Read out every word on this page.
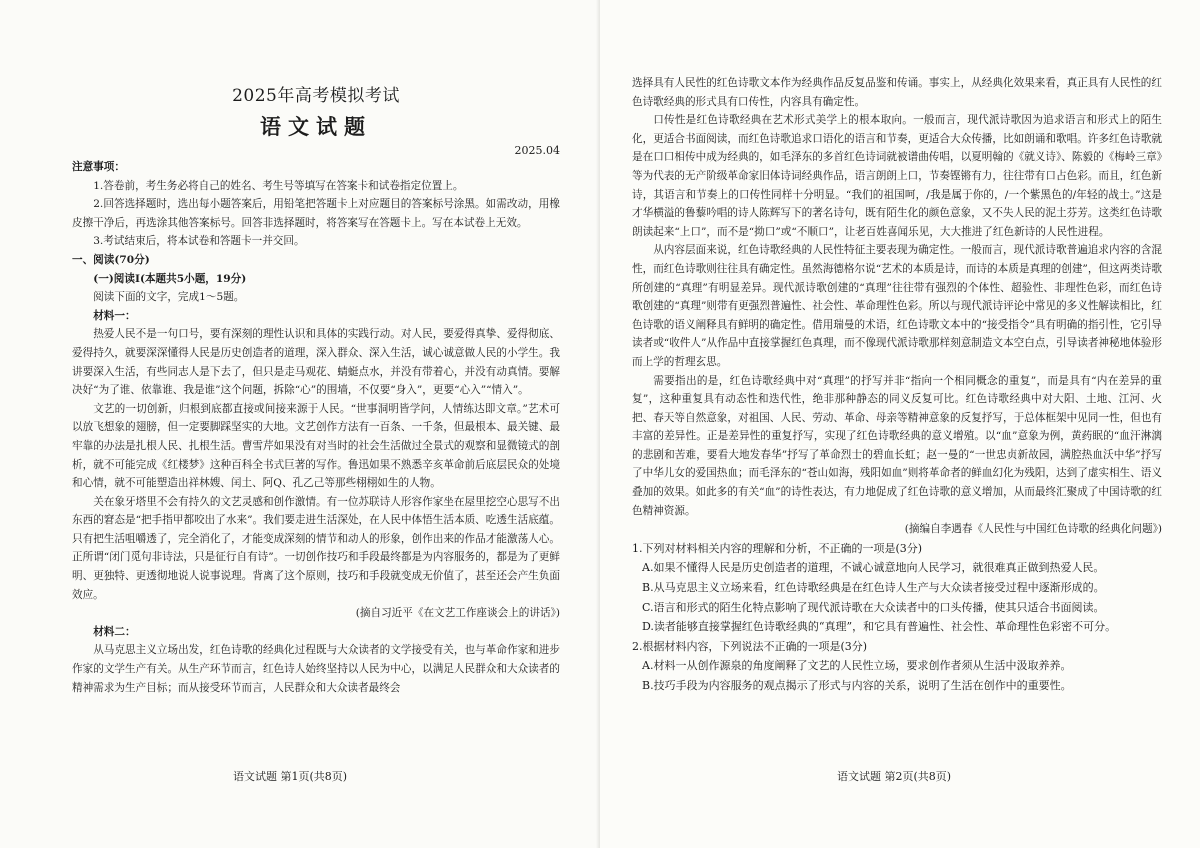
2025年高考模拟考试

语文试题

2025.04

注意事项：

1.答卷前，考生务必将自己的姓名、考生号等填写在答案卡和试卷指定位置上。

2.回答选择题时，选出每小题答案后，用铅笔把答题卡上对应题目的答案标号涂黑。如需改动，用橡皮擦干净后，再选涂其他答案标号。回答非选择题时，将答案写在答题卡上。写在本试卷上无效。

3.考试结束后，将本试卷和答题卡一并交回。

一、阅读(70分)

(一)阅读Ⅰ(本题共5小题，19分)

阅读下面的文字，完成1～5题。

材料一：

热爱人民不是一句口号，要有深刻的理性认识和具体的实践行动。对人民，要爱得真挚、爱得彻底、爱得持久，就要深深懂得人民是历史创造者的道理，深入群众、深入生活，诚心诚意做人民的小学生。我讲要深入生活，有些同志人是下去了，但只是走马观花、蜻蜓点水，并没有带着心，并没有动真情。要解决好“为了谁、依靠谁、我是谁”这个问题，拆除“心”的围墙，不仅要“身入”，更要“心入”“情入”。

文艺的一切创新，归根到底都直接或间接来源于人民。“世事洞明皆学问，人情练达即文章。”艺术可以放飞想象的翅膀，但一定要脚踩坚实的大地。文艺创作方法有一百条、一千条，但最根本、最关键、最牢靠的办法是扎根人民、扎根生活。曹雪芹如果没有对当时的社会生活做过全景式的观察和显微镜式的剖析，就不可能完成《红楼梦》这种百科全书式巨著的写作。鲁迅如果不熟悉辛亥革命前后底层民众的处境和心情，就不可能塑造出祥林嫂、闰土、阿Q、孔乙己等那些栩栩如生的人物。

关在象牙塔里不会有持久的文艺灵感和创作激情。有一位苏联诗人形容作家坐在屋里挖空心思写不出东西的窘态是“把手指甲都咬出了水来”。我们要走进生活深处，在人民中体悟生活本质、吃透生活底蕴。只有把生活咀嚼透了，完全消化了，才能变成深刻的情节和动人的形象，创作出来的作品才能激荡人心。正所谓“闭门觅句非诗法，只是征行自有诗”。一切创作技巧和手段最终都是为内容服务的，都是为了更鲜明、更独特、更透彻地说人说事说理。背离了这个原则，技巧和手段就变成无价值了，甚至还会产生负面效应。

(摘自习近平《在文艺工作座谈会上的讲话》)

材料二：

从马克思主义立场出发，红色诗歌的经典化过程既与大众读者的文学接受有关，也与革命作家和进步作家的文学生产有关。从生产环节而言，红色诗人始终坚持以人民为中心，以满足人民群众和大众读者的精神需求为生产目标；而从接受环节而言，人民群众和大众读者最终会

语文试题 第1页(共8页)

选择具有人民性的红色诗歌文本作为经典作品反复品鉴和传诵。事实上，从经典化效果来看，真正具有人民性的红色诗歌经典的形式具有口传性，内容具有确定性。

口传性是红色诗歌经典在艺术形式美学上的根本取向。一般而言，现代派诗歌因为追求语言和形式上的陌生化，更适合书面阅读，而红色诗歌追求口语化的语言和节奏，更适合大众传播，比如朗诵和歌唱。许多红色诗歌就是在口口相传中成为经典的，如毛泽东的多首红色诗词就被谱曲传唱，以夏明翰的《就义诗》、陈毅的《梅岭三章》等为代表的无产阶级革命家旧体诗词经典作品，语言朗朗上口，节奏铿锵有力，往往带有口占色彩。而且，红色新诗，其语言和节奏上的口传性同样十分明显。“我们的祖国呵，/我是属于你的，/一个紫黑色的/年轻的战士。”这是才华横溢的鲁藜吟唱的诗人陈辉写下的著名诗句，既有陌生化的颜色意象，又不失人民的泥土芬芳。这类红色诗歌朗读起来“上口”，而不是“拗口”或“不顺口”，让老百姓喜闻乐见，大大推进了红色新诗的人民性进程。

从内容层面来说，红色诗歌经典的人民性特征主要表现为确定性。一般而言，现代派诗歌普遍追求内容的含混性，而红色诗歌则往往具有确定性。虽然海德格尔说“艺术的本质是诗，而诗的本质是真理的创建”，但这两类诗歌所创建的“真理”有明显差异。现代派诗歌创建的“真理”往往带有强烈的个体性、超验性、非理性色彩，而红色诗歌创建的“真理”则带有更强烈普遍性、社会性、革命理性色彩。所以与现代派诗评论中常见的多义性解读相比，红色诗歌的语义阐释具有鲜明的确定性。借用瑞曼的术语，红色诗歌文本中的“接受指令”具有明确的指引性，它引导读者或“收件人”从作品中直接掌握红色真理，而不像现代派诗歌那样刻意制造文本空白点，引导读者神秘地体验形而上学的哲理玄思。

需要指出的是，红色诗歌经典中对“真理”的抒写并非“指向一个相同概念的重复”，而是具有“内在差异的重复”，这种重复具有动态性和迭代性，绝非那种静态的同义反复可比。红色诗歌经典中对大阳、土地、江河、火把、春天等自然意象，对祖国、人民、劳动、革命、母亲等精神意象的反复抒写，于总体框架中见同一性，但也有丰富的差异性。正是差异性的重复抒写，实现了红色诗歌经典的意义增殖。以“血”意象为例，黄药眠的“血汗淋漓的悲剧和苦难，要看大地发春华”抒写了革命烈士的碧血长虹；赵一曼的“一世忠贞新故园，满腔热血沃中华”抒写了中华儿女的爱国热血；而毛泽东的“苍山如海，残阳如血”则将革命者的鲜血幻化为残阳，达到了虚实相生、语义叠加的效果。如此多的有关“血”的诗性表达，有力地促成了红色诗歌的意义增加，从而最终汇聚成了中国诗歌的红色精神资源。

(摘编自李遇春《人民性与中国红色诗歌的经典化问题》)

1.下列对材料相关内容的理解和分析，不正确的一项是(3分)

A.如果不懂得人民是历史创造者的道理，不诚心诚意地向人民学习，就很难真正做到热爱人民。

B.从马克思主义立场来看，红色诗歌经典是在红色诗人生产与大众读者接受过程中逐渐形成的。

C.语言和形式的陌生化特点影响了现代派诗歌在大众读者中的口头传播，使其只适合书面阅读。

D.读者能够直接掌握红色诗歌经典的“真理”，和它具有普遍性、社会性、革命理性色彩密不可分。

2.根据材料内容，下列说法不正确的一项是(3分)

A.材料一从创作源泉的角度阐释了文艺的人民性立场，要求创作者须从生活中汲取养养。

B.技巧手段为内容服务的观点揭示了形式与内容的关系，说明了生活在创作中的重要性。

语文试题 第2页(共8页)
